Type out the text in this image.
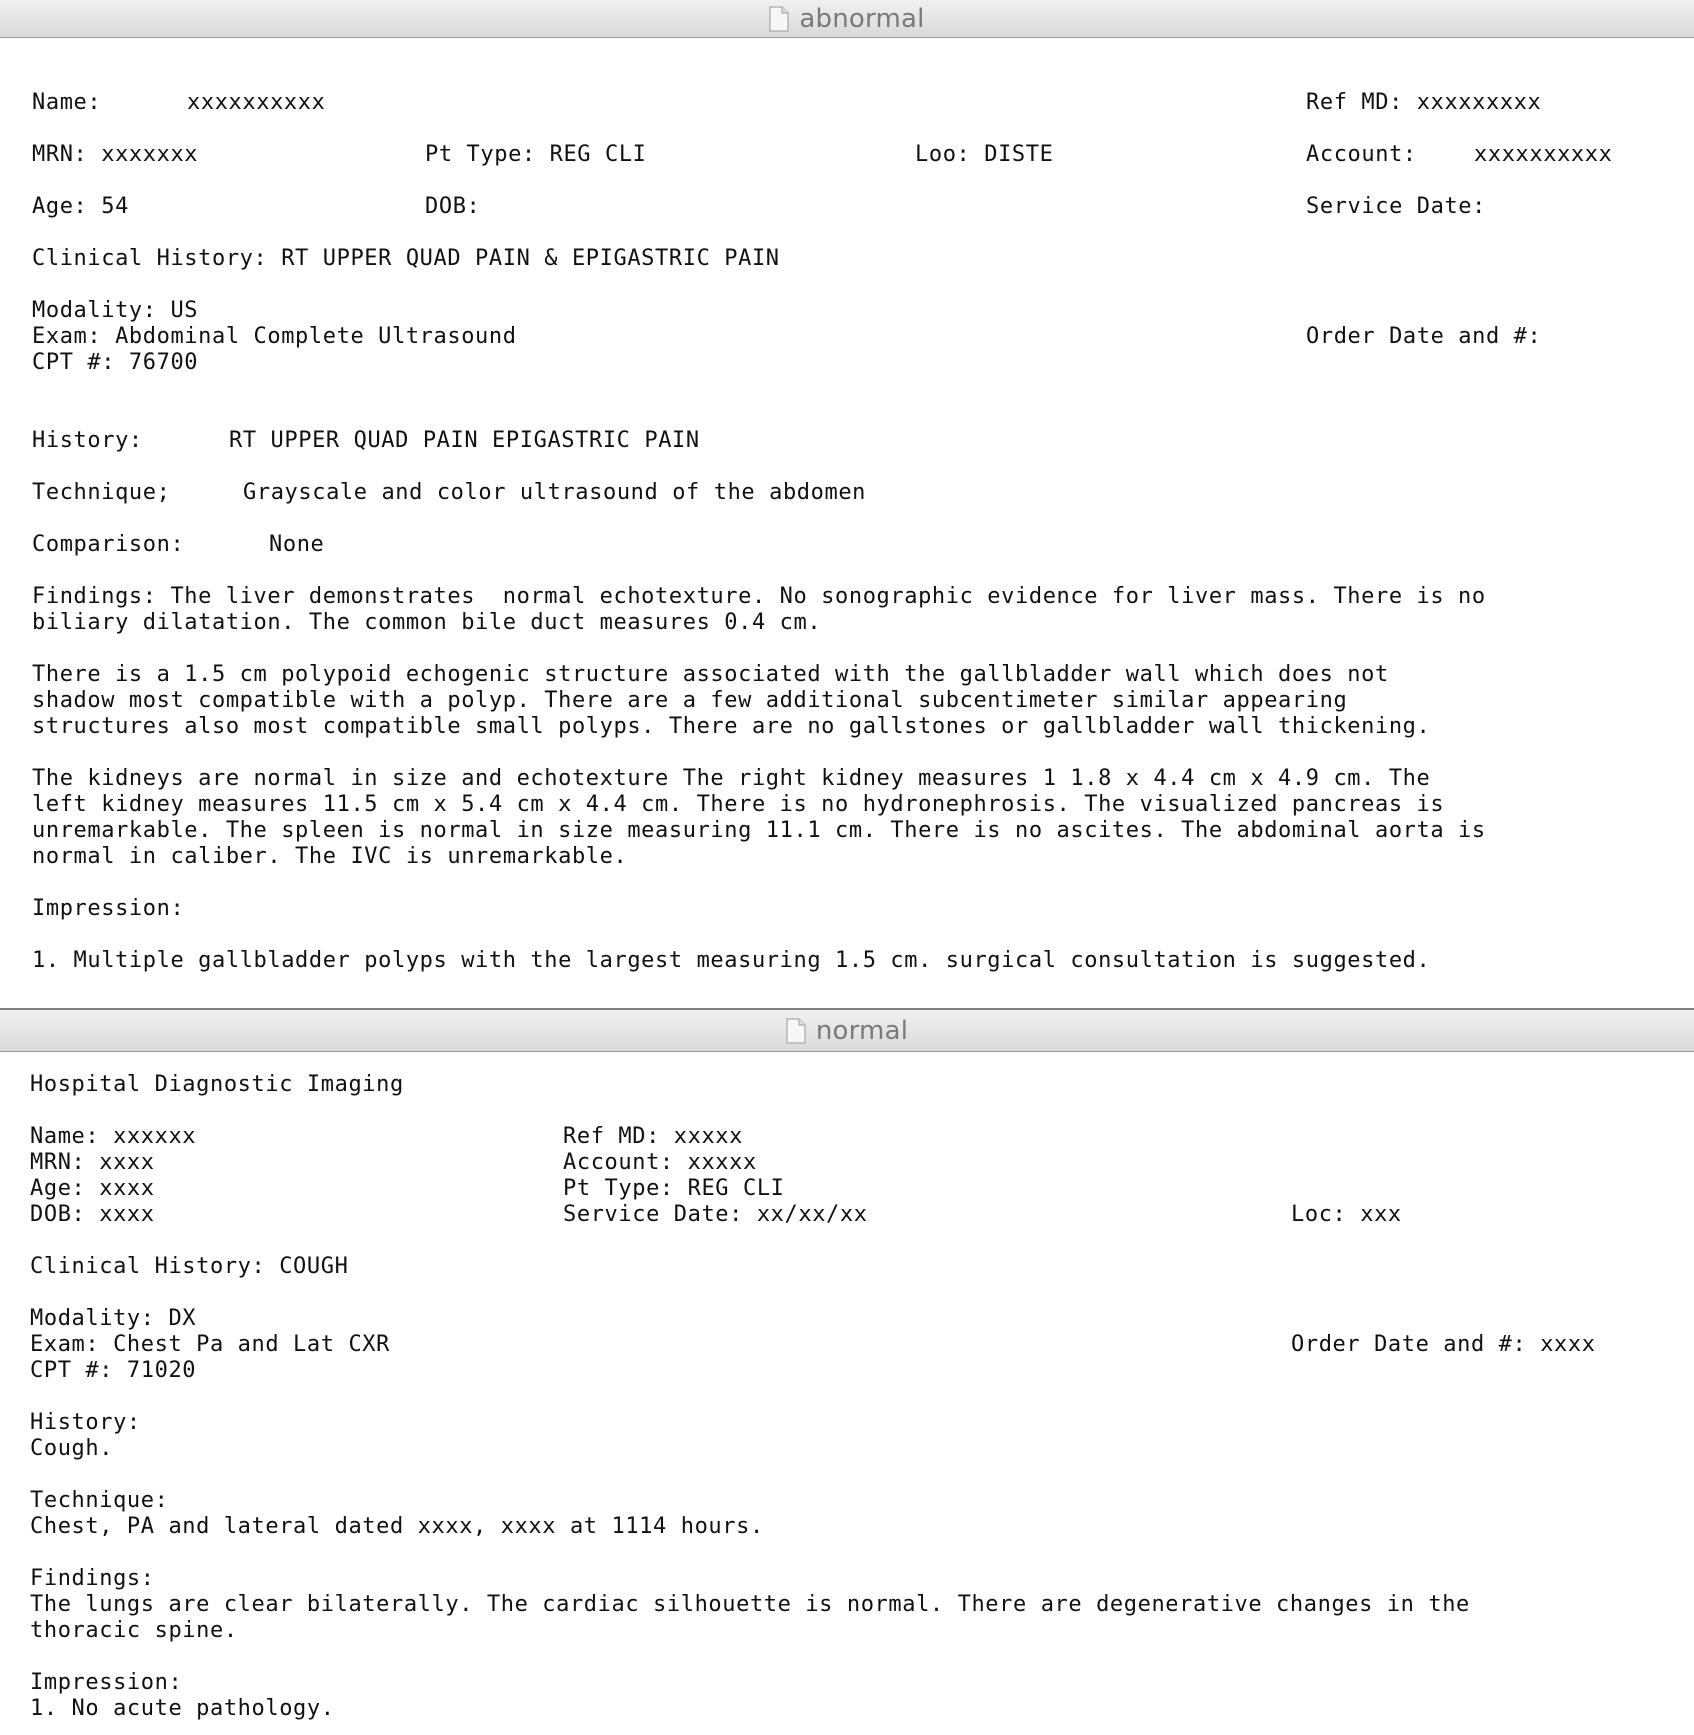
abnormal
Name:	xxxxxxxxxx	Ref MD: xxxxxxxxx
MRN: xxxxxxx	Pt Type: REG CLI	Loo: DISTE	Account:	xxxxxxxxxx
Age: 54	DOB:	Service Date:
Clinical History: RT UPPER QUAD PAIN & EPIGASTRIC PAIN
Modality: US
Exam: Abdominal Complete Ultrasound	Order Date and #:
CPT #: 76700
History:	RT UPPER QUAD PAIN EPIGASTRIC PAIN
Technique;	Grayscale and color ultrasound of the abdomen
Comparison:	None
Findings: The liver demonstrates  normal echotexture. No sonographic evidence for liver mass. There is no
biliary dilatation. The common bile duct measures 0.4 cm.
There is a 1.5 cm polypoid echogenic structure associated with the gallbladder wall which does not
shadow most compatible with a polyp. There are a few additional subcentimeter similar appearing
structures also most compatible small polyps. There are no gallstones or gallbladder wall thickening.
The kidneys are normal in size and echotexture The right kidney measures 1 1.8 x 4.4 cm x 4.9 cm. The
left kidney measures 11.5 cm x 5.4 cm x 4.4 cm. There is no hydronephrosis. The visualized pancreas is
unremarkable. The spleen is normal in size measuring 11.1 cm. There is no ascites. The abdominal aorta is
normal in caliber. The IVC is unremarkable.
Impression:
1. Multiple gallbladder polyps with the largest measuring 1.5 cm. surgical consultation is suggested.
normal
Hospital Diagnostic Imaging
Name: xxxxxx	Ref MD: xxxxx
MRN: xxxx	Account: xxxxx
Age: xxxx	Pt Type: REG CLI
DOB: xxxx	Service Date: xx/xx/xx	Loc: xxx
Clinical History: COUGH
Modality: DX
Exam: Chest Pa and Lat CXR	Order Date and #: xxxx
CPT #: 71020
History:
Cough.
Technique:
Chest, PA and lateral dated xxxx, xxxx at 1114 hours.
Findings:
The lungs are clear bilaterally. The cardiac silhouette is normal. There are degenerative changes in the
thoracic spine.
Impression:
1. No acute pathology.
